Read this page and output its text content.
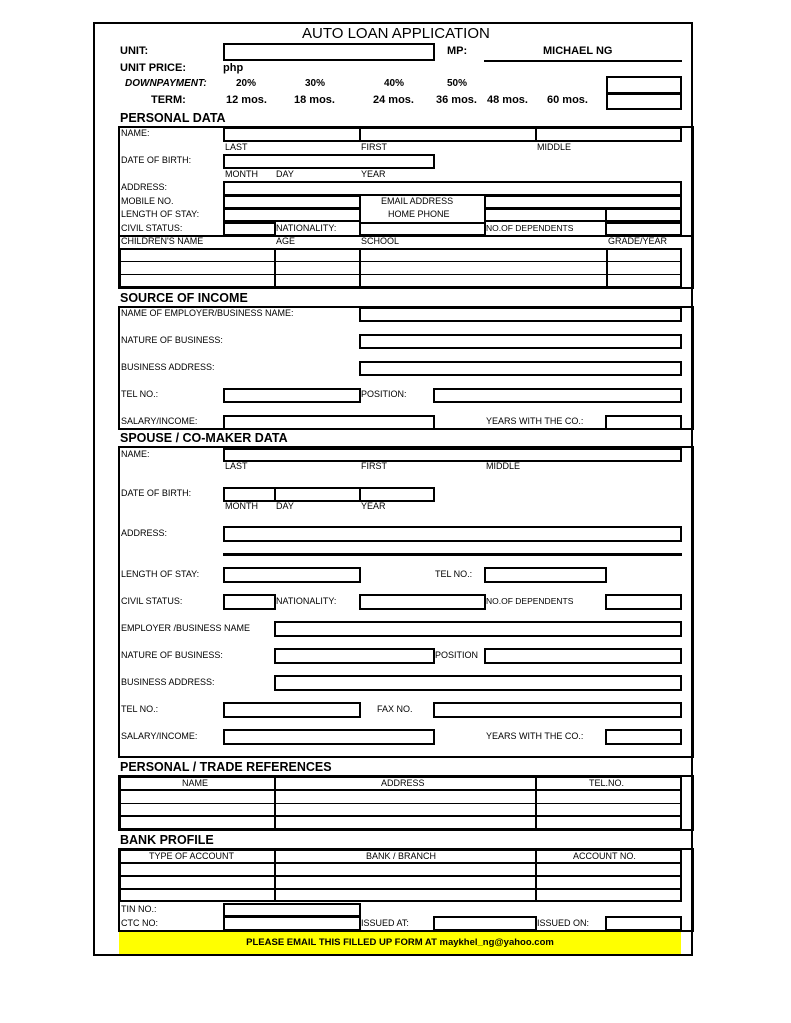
AUTO LOAN APPLICATION
UNIT:	MP:	MICHAEL NG
UNIT PRICE:	php
DOWNPAYMENT:	20%	30%	40%	50%
TERM:	12 mos. 18 mos.	24 mos. 36 mos. 48 mos. 60 mos.
PERSONAL DATA
NAME:
LAST	FIRST	MIDDLE
DATE OF BIRTH:
MONTH DAY	YEAR
ADDRESS:
MOBILE NO.	EMAIL ADDRESS
LENGTH OF STAY:	HOME PHONE
CIVIL STATUS:	NATIONALITY:	NO.OF DEPENDENTS
CHILDREN'S NAME	AGE	SCHOOL	GRADE/YEAR
SOURCE OF INCOME
NAME OF EMPLOYER/BUSINESS NAME:
NATURE OF BUSINESS:
BUSINESS ADDRESS:
TEL NO.:	POSITION:
SALARY/INCOME:	YEARS WITH THE CO.:
SPOUSE / CO-MAKER DATA
NAME:
LAST	FIRST	MIDDLE
DATE OF BIRTH:
MONTH DAY	YEAR
ADDRESS:
LENGTH OF STAY:	TEL NO.:
CIVIL STATUS:	NATIONALITY:	NO.OF DEPENDENTS
EMPLOYER /BUSINESS NAME
NATURE OF BUSINESS:	POSITION
BUSINESS ADDRESS:
TEL NO.:	FAX NO.
SALARY/INCOME:	YEARS WITH THE CO.:
PERSONAL / TRADE REFERENCES
NAME	ADDRESS	TEL.NO.
BANK PROFILE
TYPE OF ACCOUNT	BANK / BRANCH	ACCOUNT NO.
TIN NO.:
CTC NO:	ISSUED AT:	ISSUED ON:
PLEASE EMAIL THIS FILLED UP FORM AT maykhel_ng@yahoo.com
